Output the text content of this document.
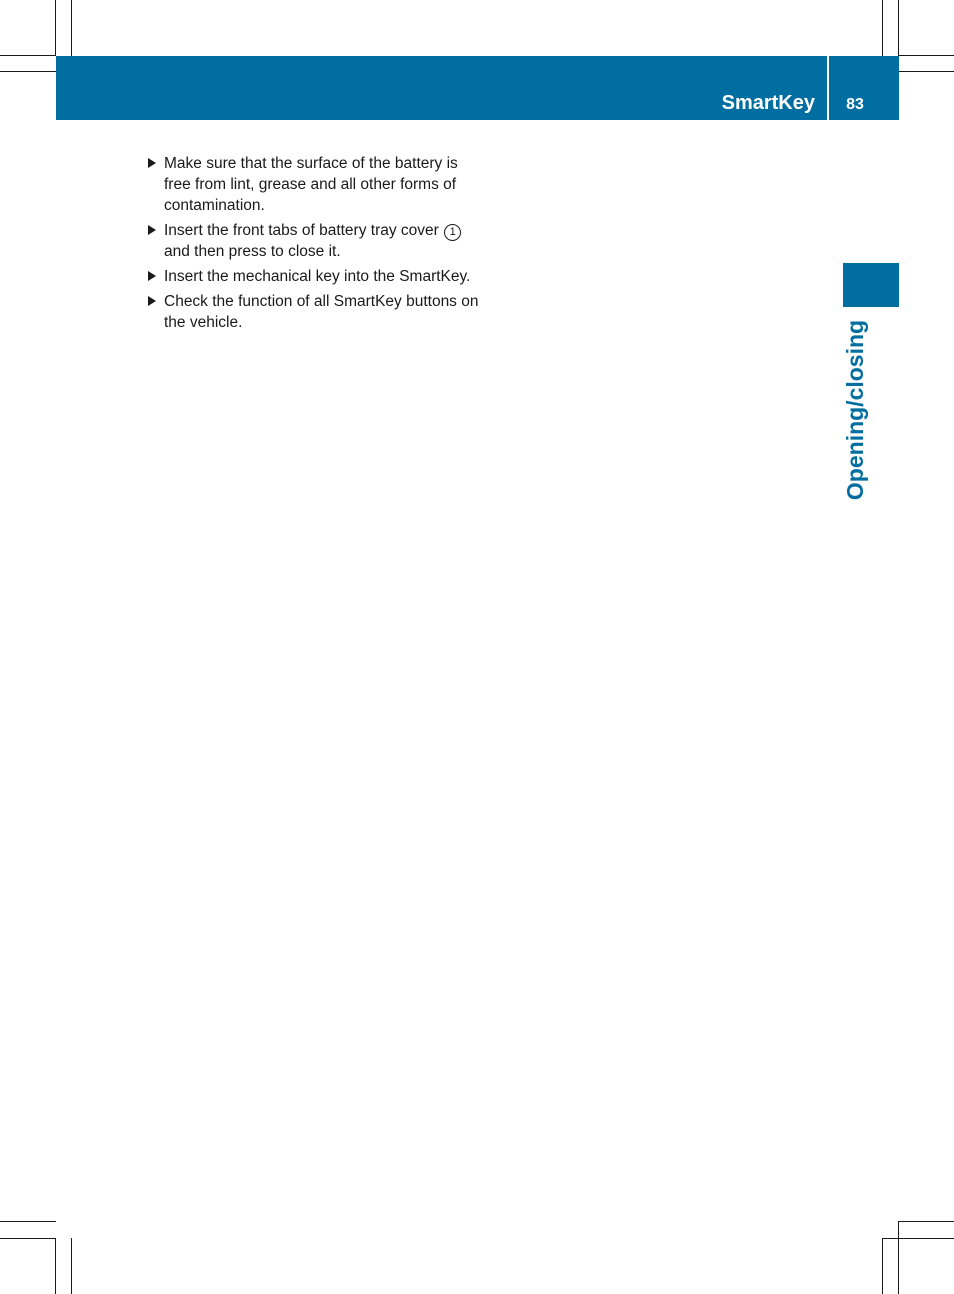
SmartKey	83
Opening/closing
Make sure that the surface of the battery is free from lint, grease and all other forms of contamination.
Insert the front tabs of battery tray cover 1 and then press to close it.
Insert the mechanical key into the SmartKey.
Check the function of all SmartKey buttons on the vehicle.
